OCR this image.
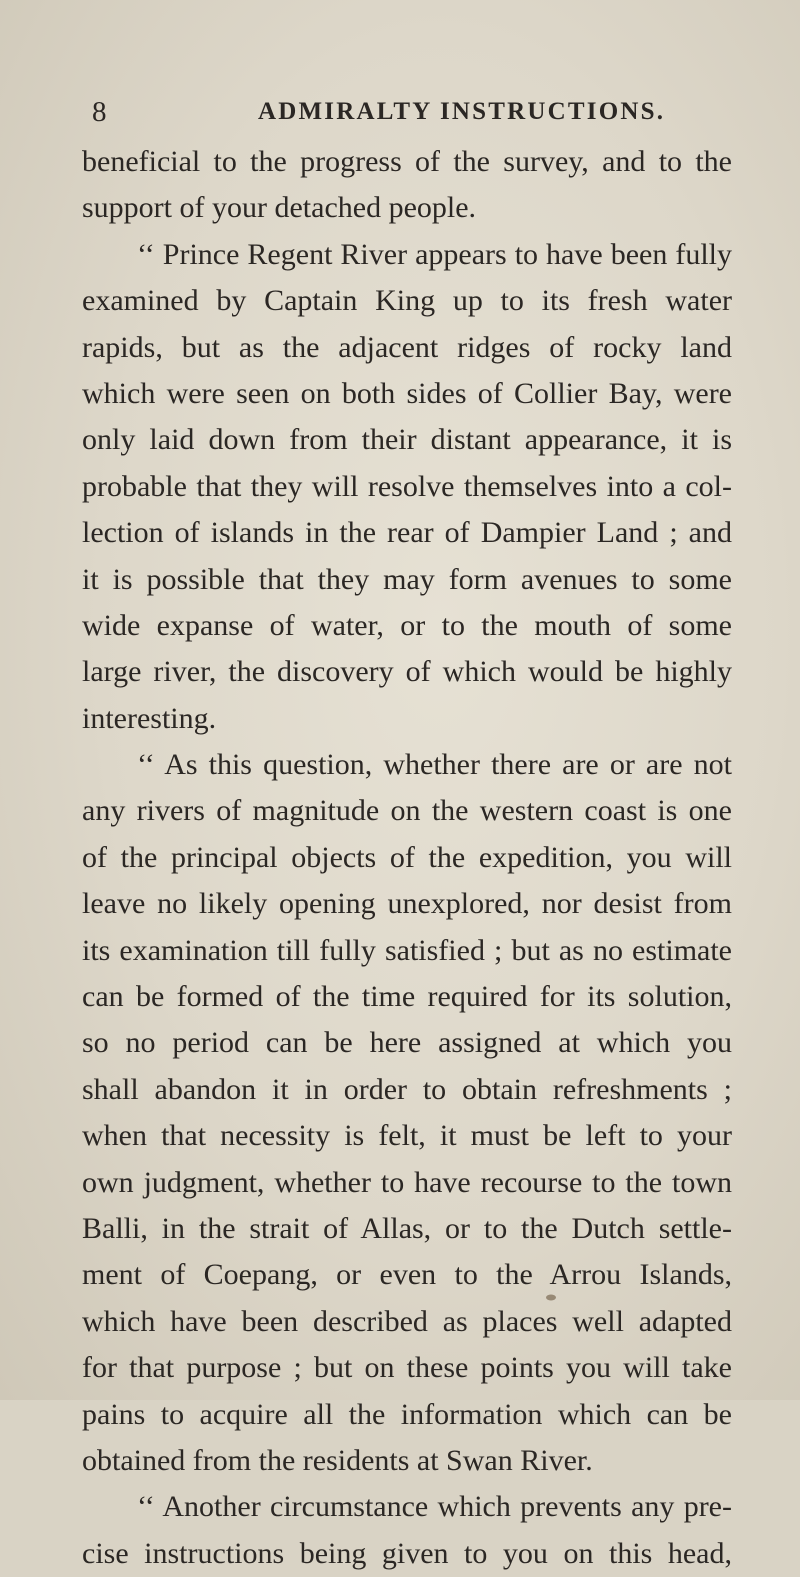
8	ADMIRALTY INSTRUCTIONS.
beneficial to the progress of the survey, and to the
support of your detached people.
‘‘ Prince Regent River appears to have been fully
examined by Captain King up to its fresh water
rapids, but as the adjacent ridges of rocky land
which were seen on both sides of Collier Bay, were
only laid down from their distant appearance, it is
probable that they will resolve themselves into a col-
lection of islands in the rear of Dampier Land ; and
it is possible that they may form avenues to some
wide expanse of water, or to the mouth of some
large river, the discovery of which would be highly
interesting.
‘‘ As this question, whether there are or are not
any rivers of magnitude on the western coast is one
of the principal objects of the expedition, you will
leave no likely opening unexplored, nor desist from
its examination till fully satisfied ; but as no estimate
can be formed of the time required for its solution,
so no period can be here assigned at which you
shall abandon it in order to obtain refreshments ;
when that necessity is felt, it must be left to your
own judgment, whether to have recourse to the town
Balli, in the strait of Allas, or to the Dutch settle-
ment of Coepang, or even to the Arrou Islands,
which have been described as places well adapted
for that purpose ; but on these points you will take
pains to acquire all the information which can be
obtained from the residents at Swan River.
‘‘ Another circumstance which prevents any pre-
cise instructions being given to you on this head,
